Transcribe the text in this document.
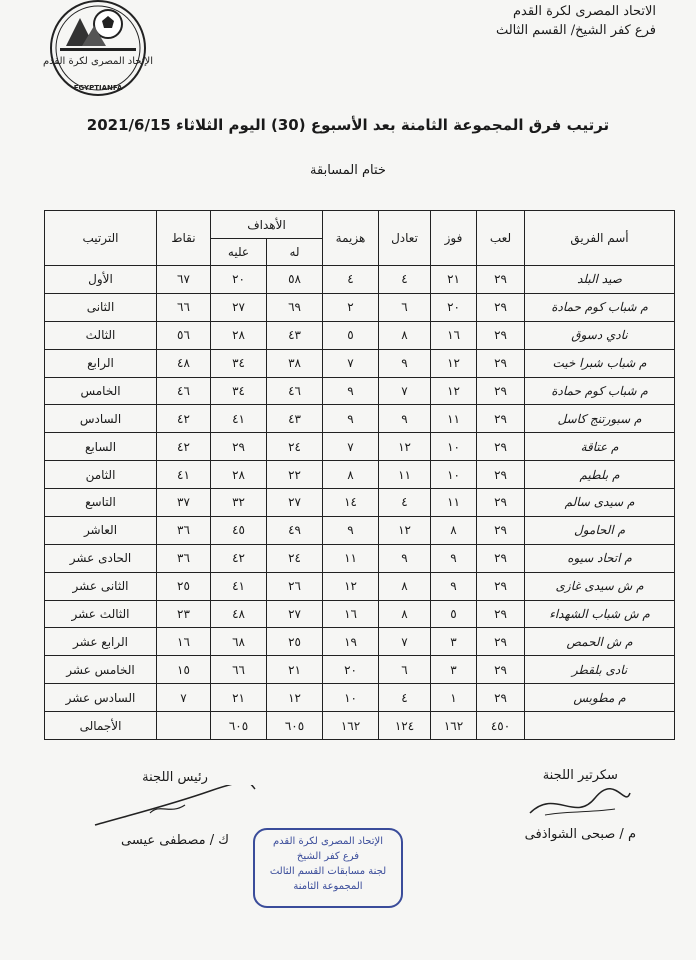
الإتحاد المصرى لكرة القدم
EGYPTIANFA
الاتحاد المصرى لكرة القدم
فرع كفر الشيخ/ القسم الثالث
ترتيب فرق المجموعة الثامنة بعد الأسبوع (30) اليوم الثلاثاء 2021/6/15
ختام المسابقة
أسم الفريق	لعب	فوز	تعادل	هزيمة	الأهداف		نقاط	الترتيب
					له	عليه		
صيد البلد	٢٩	٢١	٤	٤	٥٨	٢٠	٦٧	الأول
م شباب كوم حمادة	٢٩	٢٠	٦	٢	٦٩	٢٧	٦٦	الثانى
نادي دسوق	٢٩	١٦	٨	٥	٤٣	٢٨	٥٦	الثالث
م شباب شبرا خيت	٢٩	١٢	٩	٧	٣٨	٣٤	٤٨	الرابع
م شباب كوم حمادة	٢٩	١٢	٧	٩	٤٦	٣٤	٤٦	الخامس
م سبورتنج كاسل	٢٩	١١	٩	٩	٤٣	٤١	٤٢	السادس
م عتاقة	٢٩	١٠	١٢	٧	٢٤	٢٩	٤٢	السابع
م بلطيم	٢٩	١٠	١١	٨	٢٢	٢٨	٤١	الثامن
م سيدى سالم	٢٩	١١	٤	١٤	٢٧	٣٢	٣٧	التاسع
م الحامول	٢٩	٨	١٢	٩	٤٩	٤٥	٣٦	العاشر
م اتحاد سيوه	٢٩	٩	٩	١١	٢٤	٤٢	٣٦	الحادى عشر
م ش سيدى غازى	٢٩	٩	٨	١٢	٢٦	٤١	٢٥	الثانى عشر
م ش شباب الشهداء	٢٩	٥	٨	١٦	٢٧	٤٨	٢٣	الثالث عشر
م ش الحمص	٢٩	٣	٧	١٩	٢٥	٦٨	١٦	الرابع عشر
نادى بلقطر	٢٩	٣	٦	٢٠	٢١	٦٦	١٥	الخامس عشر
م مطوبس	٢٩	١	٤	١٠	١٢	٢١	٧	السادس عشر
	٤٥٠	١٦٢	١٢٤	١٦٢	٦٠٥	٦٠٥		الأجمالى
سكرتير اللجنة
م / صبحى الشواذفى
رئيس اللجنة
ك / مصطفى عيسى	الإتحاد المصرى لكرة القدم
فرع كفر الشيخ
لجنة مسابقات القسم الثالث
المجموعة الثامنة
